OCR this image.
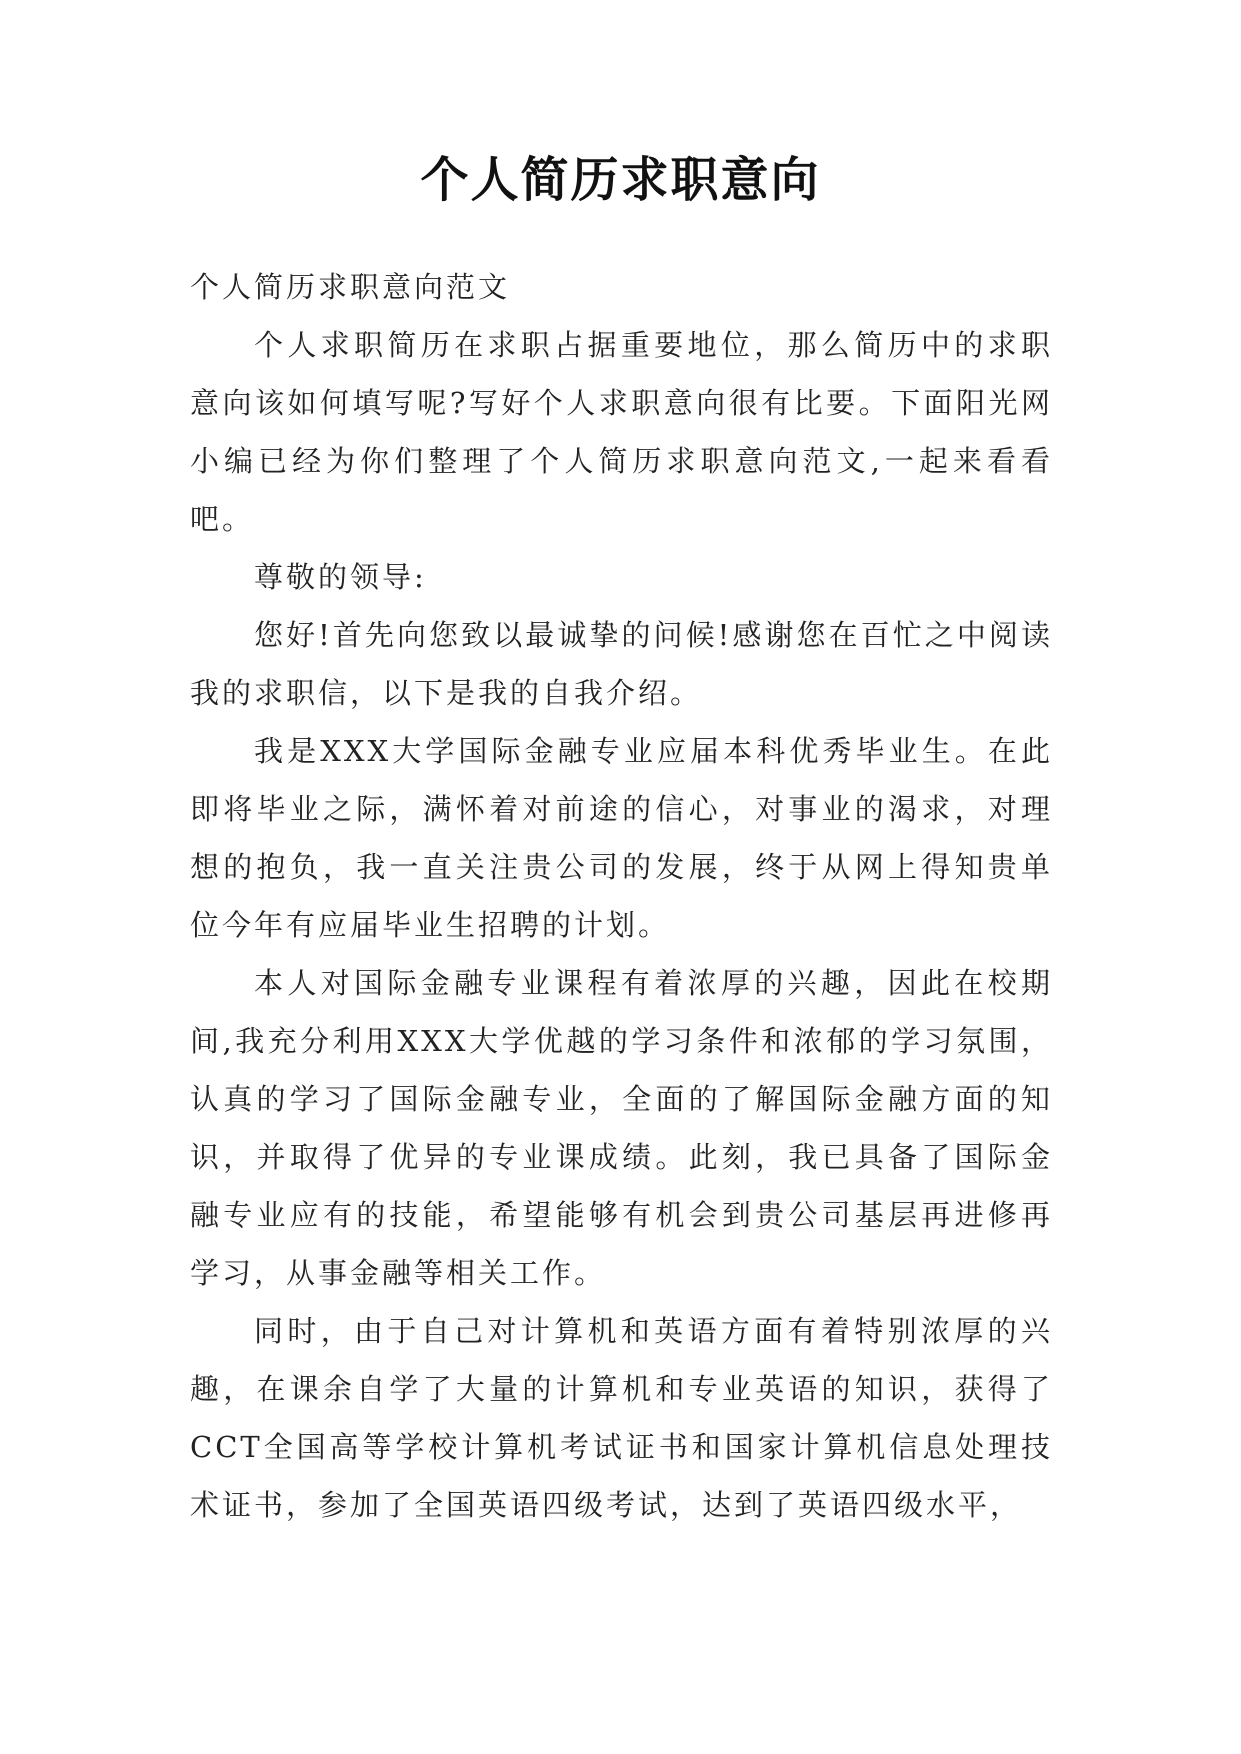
个人简历求职意向

个人简历求职意向范文

个人求职简历在求职占据重要地位，那么简历中的求职意向该如何填写呢?写好个人求职意向很有比要。下面阳光网小编已经为你们整理了个人简历求职意向范文,一起来看看吧。

尊敬的领导:

您好!首先向您致以最诚挚的问候!感谢您在百忙之中阅读我的求职信，以下是我的自我介绍。

我是XXX大学国际金融专业应届本科优秀毕业生。在此即将毕业之际，满怀着对前途的信心，对事业的渴求，对理想的抱负，我一直关注贵公司的发展，终于从网上得知贵单位今年有应届毕业生招聘的计划。

本人对国际金融专业课程有着浓厚的兴趣，因此在校期间,我充分利用XXX大学优越的学习条件和浓郁的学习氛围，认真的学习了国际金融专业，全面的了解国际金融方面的知识，并取得了优异的专业课成绩。此刻，我已具备了国际金融专业应有的技能，希望能够有机会到贵公司基层再进修再学习，从事金融等相关工作。

同时，由于自己对计算机和英语方面有着特别浓厚的兴趣，在课余自学了大量的计算机和专业英语的知识，获得了CCT全国高等学校计算机考试证书和国家计算机信息处理技术证书，参加了全国英语四级考试，达到了英语四级水平，
